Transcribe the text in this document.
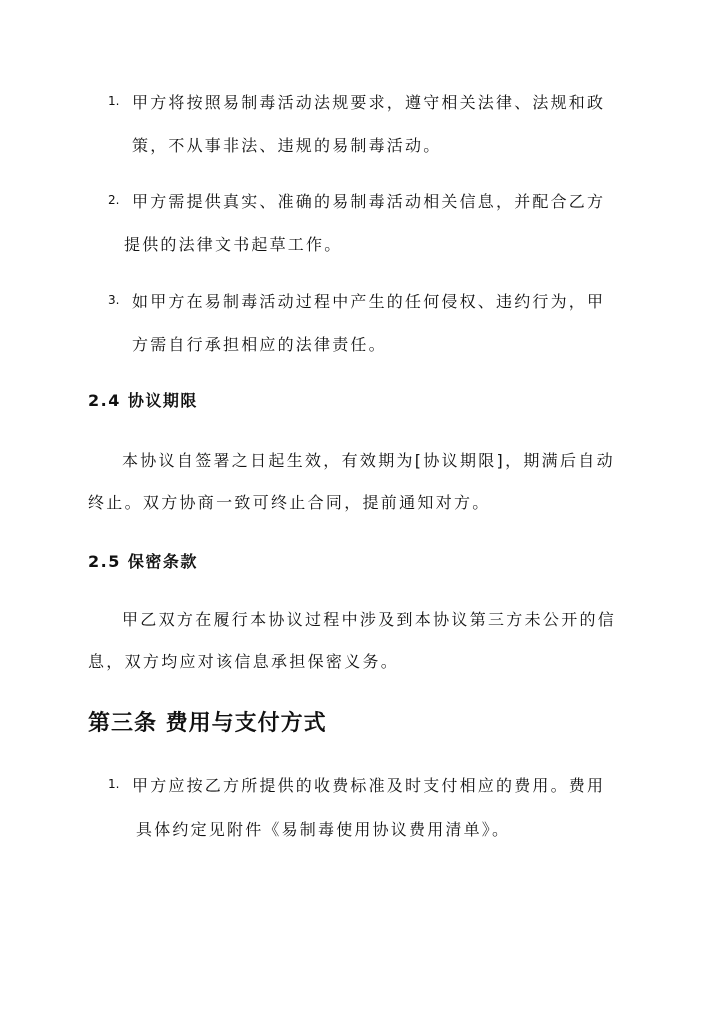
1. 甲方将按照易制毒活动法规要求，遵守相关法律、法规和政
策，不从事非法、违规的易制毒活动。
2. 甲方需提供真实、准确的易制毒活动相关信息，并配合乙方
提供的法律文书起草工作。
3. 如甲方在易制毒活动过程中产生的任何侵权、违约行为，甲
方需自行承担相应的法律责任。
2.4 协议期限
本协议自签署之日起生效，有效期为[协议期限]，期满后自动
终止。双方协商一致可终止合同，提前通知对方。
2.5 保密条款
甲乙双方在履行本协议过程中涉及到本协议第三方未公开的信
息，双方均应对该信息承担保密义务。
第三条 费用与支付方式
1. 甲方应按乙方所提供的收费标准及时支付相应的费用。费用
具体约定见附件《易制毒使用协议费用清单》。
